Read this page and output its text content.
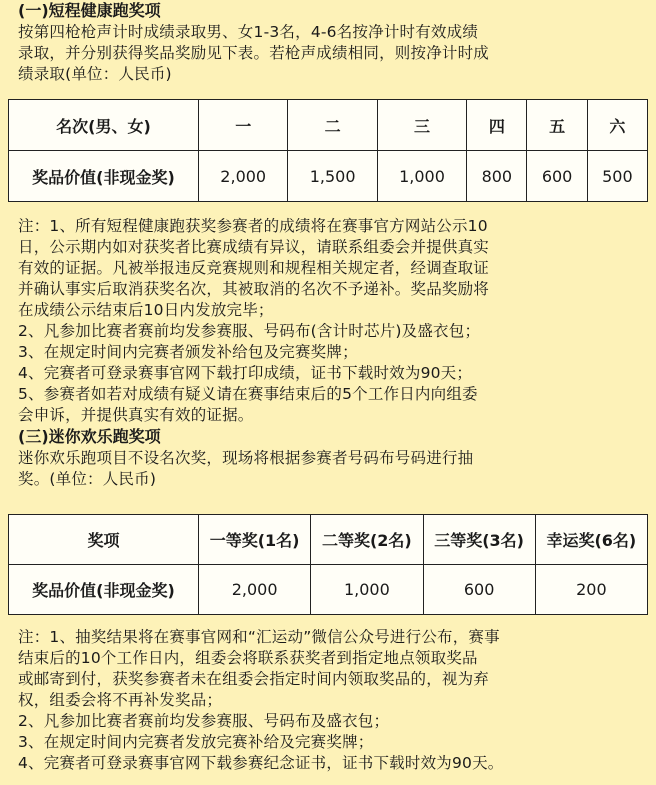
(一)短程健康跑奖项
按第四枪枪声计时成绩录取男、女1-3名，4-6名按净计时有效成绩
录取，并分别获得奖品奖励见下表。若枪声成绩相同，则按净计时成
绩录取(单位：人民币)
名次(男、女)	一	二	三	四	五	六
奖品价值(非现金奖)	2,000	1,500	1,000	800	600	500
注：1、所有短程健康跑获奖参赛者的成绩将在赛事官方网站公示10
日，公示期内如对获奖者比赛成绩有异议，请联系组委会并提供真实
有效的证据。凡被举报违反竞赛规则和规程相关规定者，经调查取证
并确认事实后取消获奖名次，其被取消的名次不予递补。奖品奖励将
在成绩公示结束后10日内发放完毕；
2、凡参加比赛者赛前均发参赛服、号码布(含计时芯片)及盛衣包；
3、在规定时间内完赛者颁发补给包及完赛奖牌；
4、完赛者可登录赛事官网下载打印成绩，证书下载时效为90天；
5、参赛者如若对成绩有疑义请在赛事结束后的5个工作日内向组委
会申诉，并提供真实有效的证据。
(三)迷你欢乐跑奖项
迷你欢乐跑项目不设名次奖，现场将根据参赛者号码布号码进行抽
奖。(单位：人民币)
奖项	一等奖(1名)	二等奖(2名)	三等奖(3名)	幸运奖(6名)
奖品价值(非现金奖)	2,000	1,000	600	200
注：1、抽奖结果将在赛事官网和“汇运动”微信公众号进行公布，赛事
结束后的10个工作日内，组委会将联系获奖者到指定地点领取奖品
或邮寄到付，获奖参赛者未在组委会指定时间内领取奖品的，视为弃
权，组委会将不再补发奖品；
2、凡参加比赛者赛前均发参赛服、号码布及盛衣包；
3、在规定时间内完赛者发放完赛补给及完赛奖牌；
4、完赛者可登录赛事官网下载参赛纪念证书，证书下载时效为90天。
